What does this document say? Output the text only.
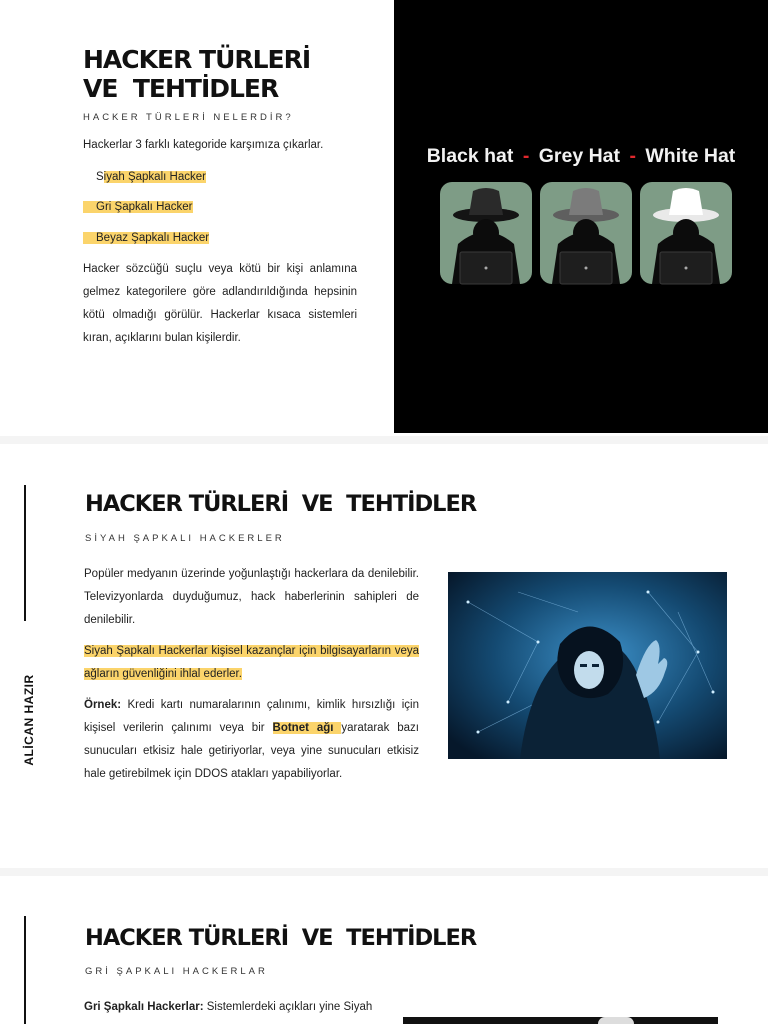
HACKER TÜRLERİ
VE  TEHTİDLER

HACKER TÜRLERİ NELERDİR?

Hackerlar 3 farklı kategoride karşımıza çıkarlar.

Siyah Şapkalı Hacker

Gri Şapkalı Hacker

Beyaz Şapkalı Hacker

Hacker sözcüğü suçlu veya kötü bir kişi anlamına gelmez kategorilere göre adlandırıldığında hepsinin kötü olmadığı görülür. Hackerlar kısaca sistemleri kıran, açıklarını bulan kişilerdir.

Black hat - Grey Hat - White Hat
ALİCAN HAZIR
HACKER TÜRLERİ  VE  TEHTİDLER

SİYAH ŞAPKALI HACKERLER

Popüler medyanın üzerinde yoğunlaştığı hackerlara da denilebilir. Televizyonlarda duyduğumuz, hack haberlerinin sahipleri de denilebilir.

Siyah Şapkalı Hackerlar kişisel kazançlar için bilgisayarların veya ağların güvenliğini ihlal ederler.

Örnek: Kredi kartı numaralarının çalınımı, kimlik hırsızlığı için kişisel verilerin çalınımı veya bir Botnet ağı yaratarak bazı sunucuları etkisiz hale getiriyorlar, veya yine sunucuları etkisiz hale getirebilmek için DDOS atakları yapabiliyorlar.

HACKER TÜRLERİ  VE  TEHTİDLER

GRİ ŞAPKALI HACKERLAR

Gri Şapkalı Hackerlar: Sistemlerdeki açıkları yine Siyah
